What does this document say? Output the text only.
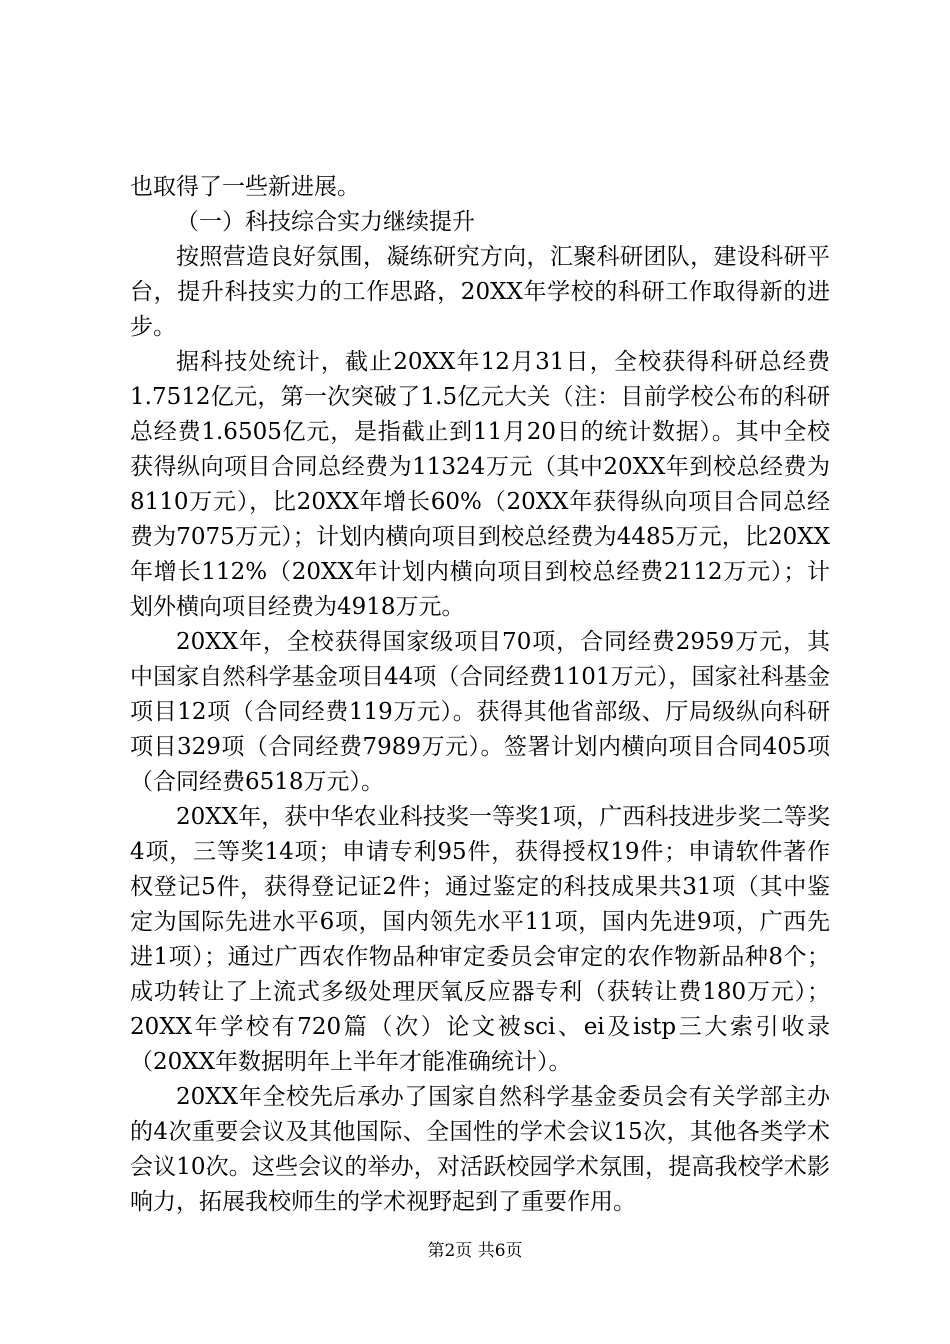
也取得了一些新进展。

（一）科技综合实力继续提升

按照营造良好氛围，凝练研究方向，汇聚科研团队，建设科研平台，提升科技实力的工作思路，20XX年学校的科研工作取得新的进步。

据科技处统计，截止20XX年12月31日，全校获得科研总经费1.7512亿元，第一次突破了1.5亿元大关（注：目前学校公布的科研总经费1.6505亿元，是指截止到11月20日的统计数据）。其中全校获得纵向项目合同总经费为11324万元（其中20XX年到校总经费为8110万元），比20XX年增长60%（20XX年获得纵向项目合同总经费为7075万元）；计划内横向项目到校总经费为4485万元，比20XX年增长112%（20XX年计划内横向项目到校总经费2112万元）；计划外横向项目经费为4918万元。

20XX年，全校获得国家级项目70项，合同经费2959万元，其中国家自然科学基金项目44项（合同经费1101万元），国家社科基金项目12项（合同经费119万元）。获得其他省部级、厅局级纵向科研项目329项（合同经费7989万元）。签署计划内横向项目合同405项（合同经费6518万元）。

20XX年，获中华农业科技奖一等奖1项，广西科技进步奖二等奖4项，三等奖14项；申请专利95件，获得授权19件；申请软件著作权登记5件，获得登记证2件；通过鉴定的科技成果共31项（其中鉴定为国际先进水平6项，国内领先水平11项，国内先进9项，广西先进1项）；通过广西农作物品种审定委员会审定的农作物新品种8个；成功转让了上流式多级处理厌氧反应器专利（获转让费180万元）；20XX年学校有720篇（次）论文被sci、ei及istp三大索引收录（20XX年数据明年上半年才能准确统计）。

20XX年全校先后承办了国家自然科学基金委员会有关学部主办的4次重要会议及其他国际、全国性的学术会议15次，其他各类学术会议10次。这些会议的举办，对活跃校园学术氛围，提高我校学术影响力，拓展我校师生的学术视野起到了重要作用。

第2页 共6页
